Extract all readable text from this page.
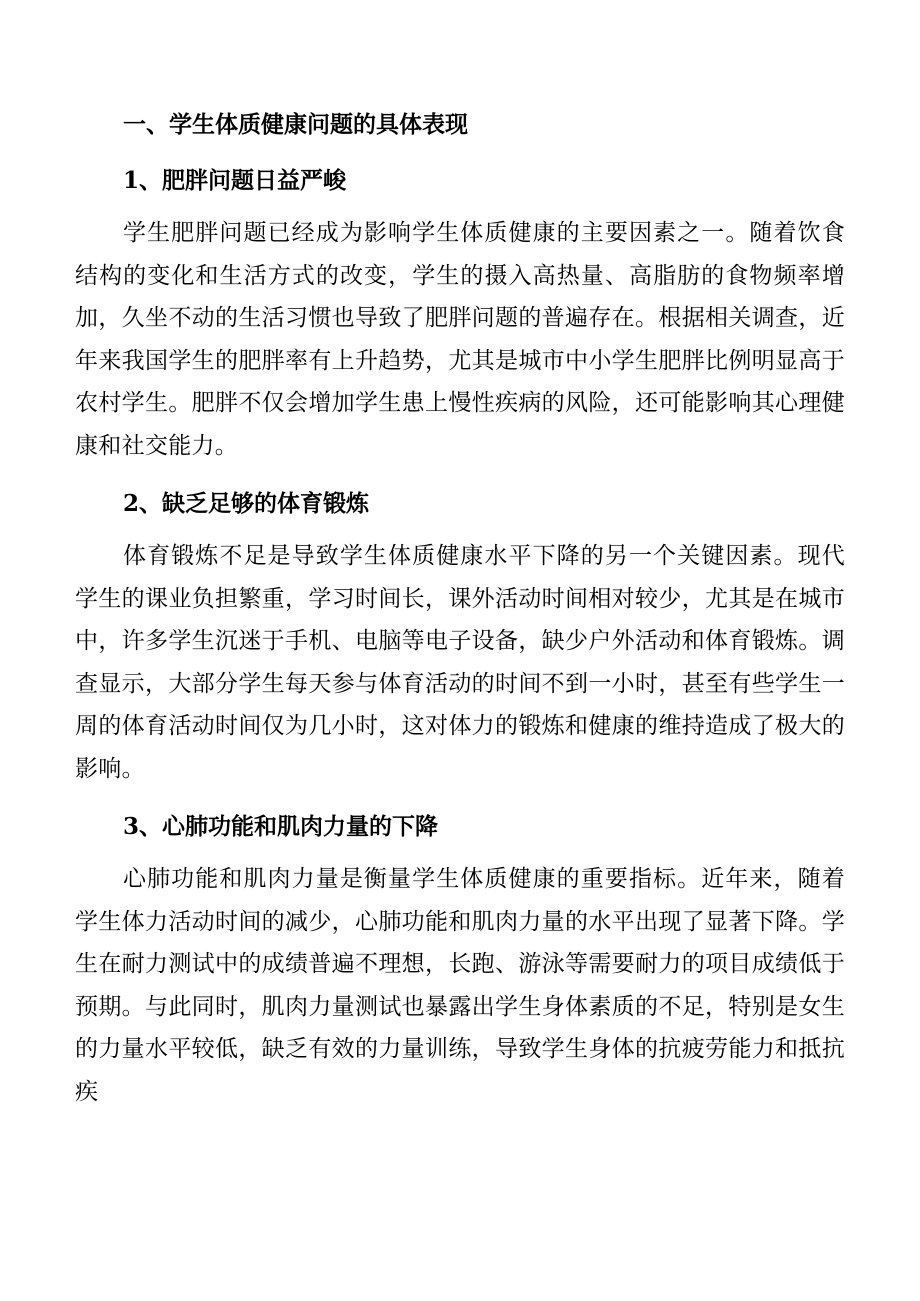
一、学生体质健康问题的具体表现
1、肥胖问题日益严峻

学生肥胖问题已经成为影响学生体质健康的主要因素之一。随着饮食结构的变化和生活方式的改变，学生的摄入高热量、高脂肪的食物频率增加，久坐不动的生活习惯也导致了肥胖问题的普遍存在。根据相关调查，近年来我国学生的肥胖率有上升趋势，尤其是城市中小学生肥胖比例明显高于农村学生。肥胖不仅会增加学生患上慢性疾病的风险，还可能影响其心理健康和社交能力。

2、缺乏足够的体育锻炼

体育锻炼不足是导致学生体质健康水平下降的另一个关键因素。现代学生的课业负担繁重，学习时间长，课外活动时间相对较少，尤其是在城市中，许多学生沉迷于手机、电脑等电子设备，缺少户外活动和体育锻炼。调查显示，大部分学生每天参与体育活动的时间不到一小时，甚至有些学生一周的体育活动时间仅为几小时，这对体力的锻炼和健康的维持造成了极大的影响。

3、心肺功能和肌肉力量的下降

心肺功能和肌肉力量是衡量学生体质健康的重要指标。近年来，随着学生体力活动时间的减少，心肺功能和肌肉力量的水平出现了显著下降。学生在耐力测试中的成绩普遍不理想，长跑、游泳等需要耐力的项目成绩低于预期。与此同时，肌肉力量测试也暴露出学生身体素质的不足，特别是女生的力量水平较低，缺乏有效的力量训练，导致学生身体的抗疲劳能力和抵抗疾
